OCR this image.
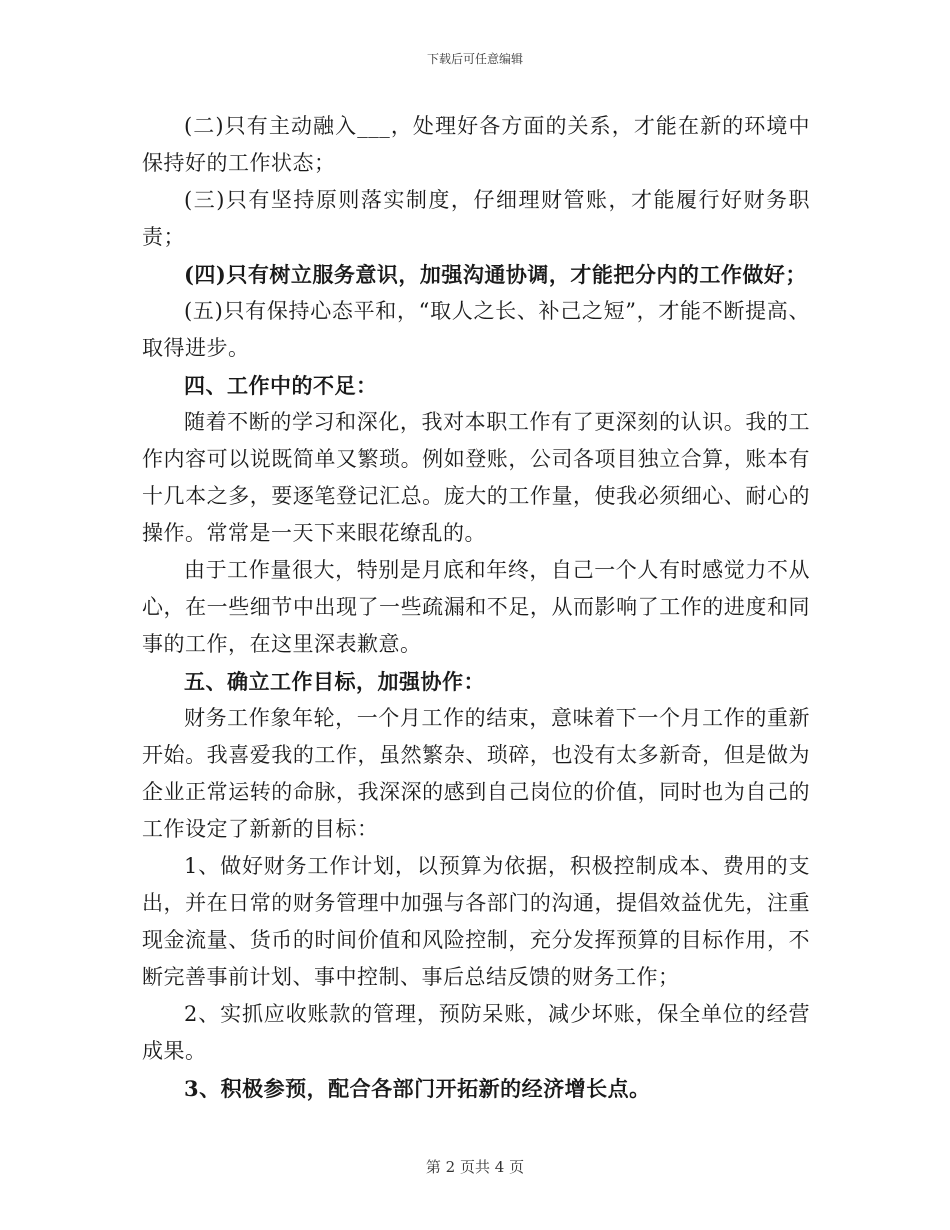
下载后可任意编辑

(二)只有主动融入___，处理好各方面的关系，才能在新的环境中保持好的工作状态；

(三)只有坚持原则落实制度，仔细理财管账，才能履行好财务职责；

(四)只有树立服务意识，加强沟通协调，才能把分内的工作做好；

(五)只有保持心态平和，“取人之长、补己之短”，才能不断提高、取得进步。

四、工作中的不足：

随着不断的学习和深化，我对本职工作有了更深刻的认识。我的工作内容可以说既简单又繁琐。例如登账，公司各项目独立合算，账本有十几本之多，要逐笔登记汇总。庞大的工作量，使我必须细心、耐心的操作。常常是一天下来眼花缭乱的。

由于工作量很大，特别是月底和年终，自己一个人有时感觉力不从心，在一些细节中出现了一些疏漏和不足，从而影响了工作的进度和同事的工作，在这里深表歉意。

五、确立工作目标，加强协作：

财务工作象年轮，一个月工作的结束，意味着下一个月工作的重新开始。我喜爱我的工作，虽然繁杂、琐碎，也没有太多新奇，但是做为企业正常运转的命脉，我深深的感到自己岗位的价值，同时也为自己的工作设定了新新的目标：

1、做好财务工作计划，以预算为依据，积极控制成本、费用的支出，并在日常的财务管理中加强与各部门的沟通，提倡效益优先，注重现金流量、货币的时间价值和风险控制，充分发挥预算的目标作用，不断完善事前计划、事中控制、事后总结反馈的财务工作；

2、实抓应收账款的管理，预防呆账，减少坏账，保全单位的经营成果。

3、积极参预，配合各部门开拓新的经济增长点。

第 2 页共 4 页
